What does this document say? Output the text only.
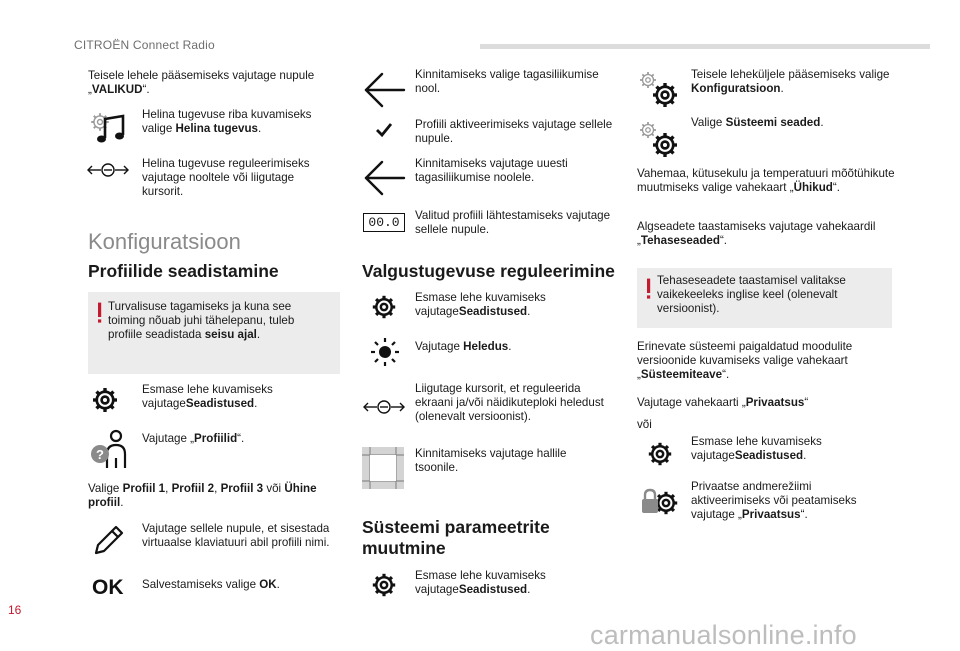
CITROËN Connect Radio
Teisele lehele pääsemiseks vajutage nupule „VALIKUD“.
Helina tugevuse riba kuvamiseks valige Helina tugevus.
Helina tugevuse reguleerimiseks vajutage nooltele või liigutage kursorit.
Konfiguratsioon
Profiilide seadistamine
Turvalisuse tagamiseks ja kuna see toiming nõuab juhi tähelepanu, tuleb profiile seadistada seisu ajal.
Esmase lehe kuvamiseks vajutageSeadistused.
?
Vajutage „Profiilid“.
Valige Profiil 1, Profiil 2, Profiil 3 või Ühine profiil.
Vajutage sellele nupule, et sisestada virtuaalse klaviatuuri abil profiili nimi.
OK Salvestamiseks valige OK.
Kinnitamiseks valige tagasiliikumise nool.
Profiili aktiveerimiseks vajutage sellele nupule.
Kinnitamiseks vajutage uuesti tagasiliikumise noolele.
00.0	Valitud profiili lähtestamiseks vajutage sellele nupule.
Valgustugevuse reguleerimine
Esmase lehe kuvamiseks vajutageSeadistused.
Vajutage Heledus.
Liigutage kursorit, et reguleerida ekraani ja/või näidikuteploki heledust (olenevalt versioonist).
Kinnitamiseks vajutage hallile tsoonile.
Süsteemi parameetrite muutmine
Esmase lehe kuvamiseks vajutageSeadistused.
Teisele leheküljele pääsemiseks valige Konfiguratsioon.
Valige Süsteemi seaded.
Vahemaa, kütusekulu ja temperatuuri mõõtühikute muutmiseks valige vahekaart „Ühikud“.
Algseadete taastamiseks vajutage vahekaardil „Tehaseseaded“.
Tehaseseadete taastamisel valitakse vaikekeeleks inglise keel (olenevalt versioonist).
Erinevate süsteemi paigaldatud moodulite versioonide kuvamiseks valige vahekaart „Süsteemiteave“.
Vajutage vahekaarti „Privaatsus“
või
Esmase lehe kuvamiseks vajutageSeadistused.
Privaatse andmerežiimi aktiveerimiseks või peatamiseks vajutage „Privaatsus“.
16
carmanualsonline.info
